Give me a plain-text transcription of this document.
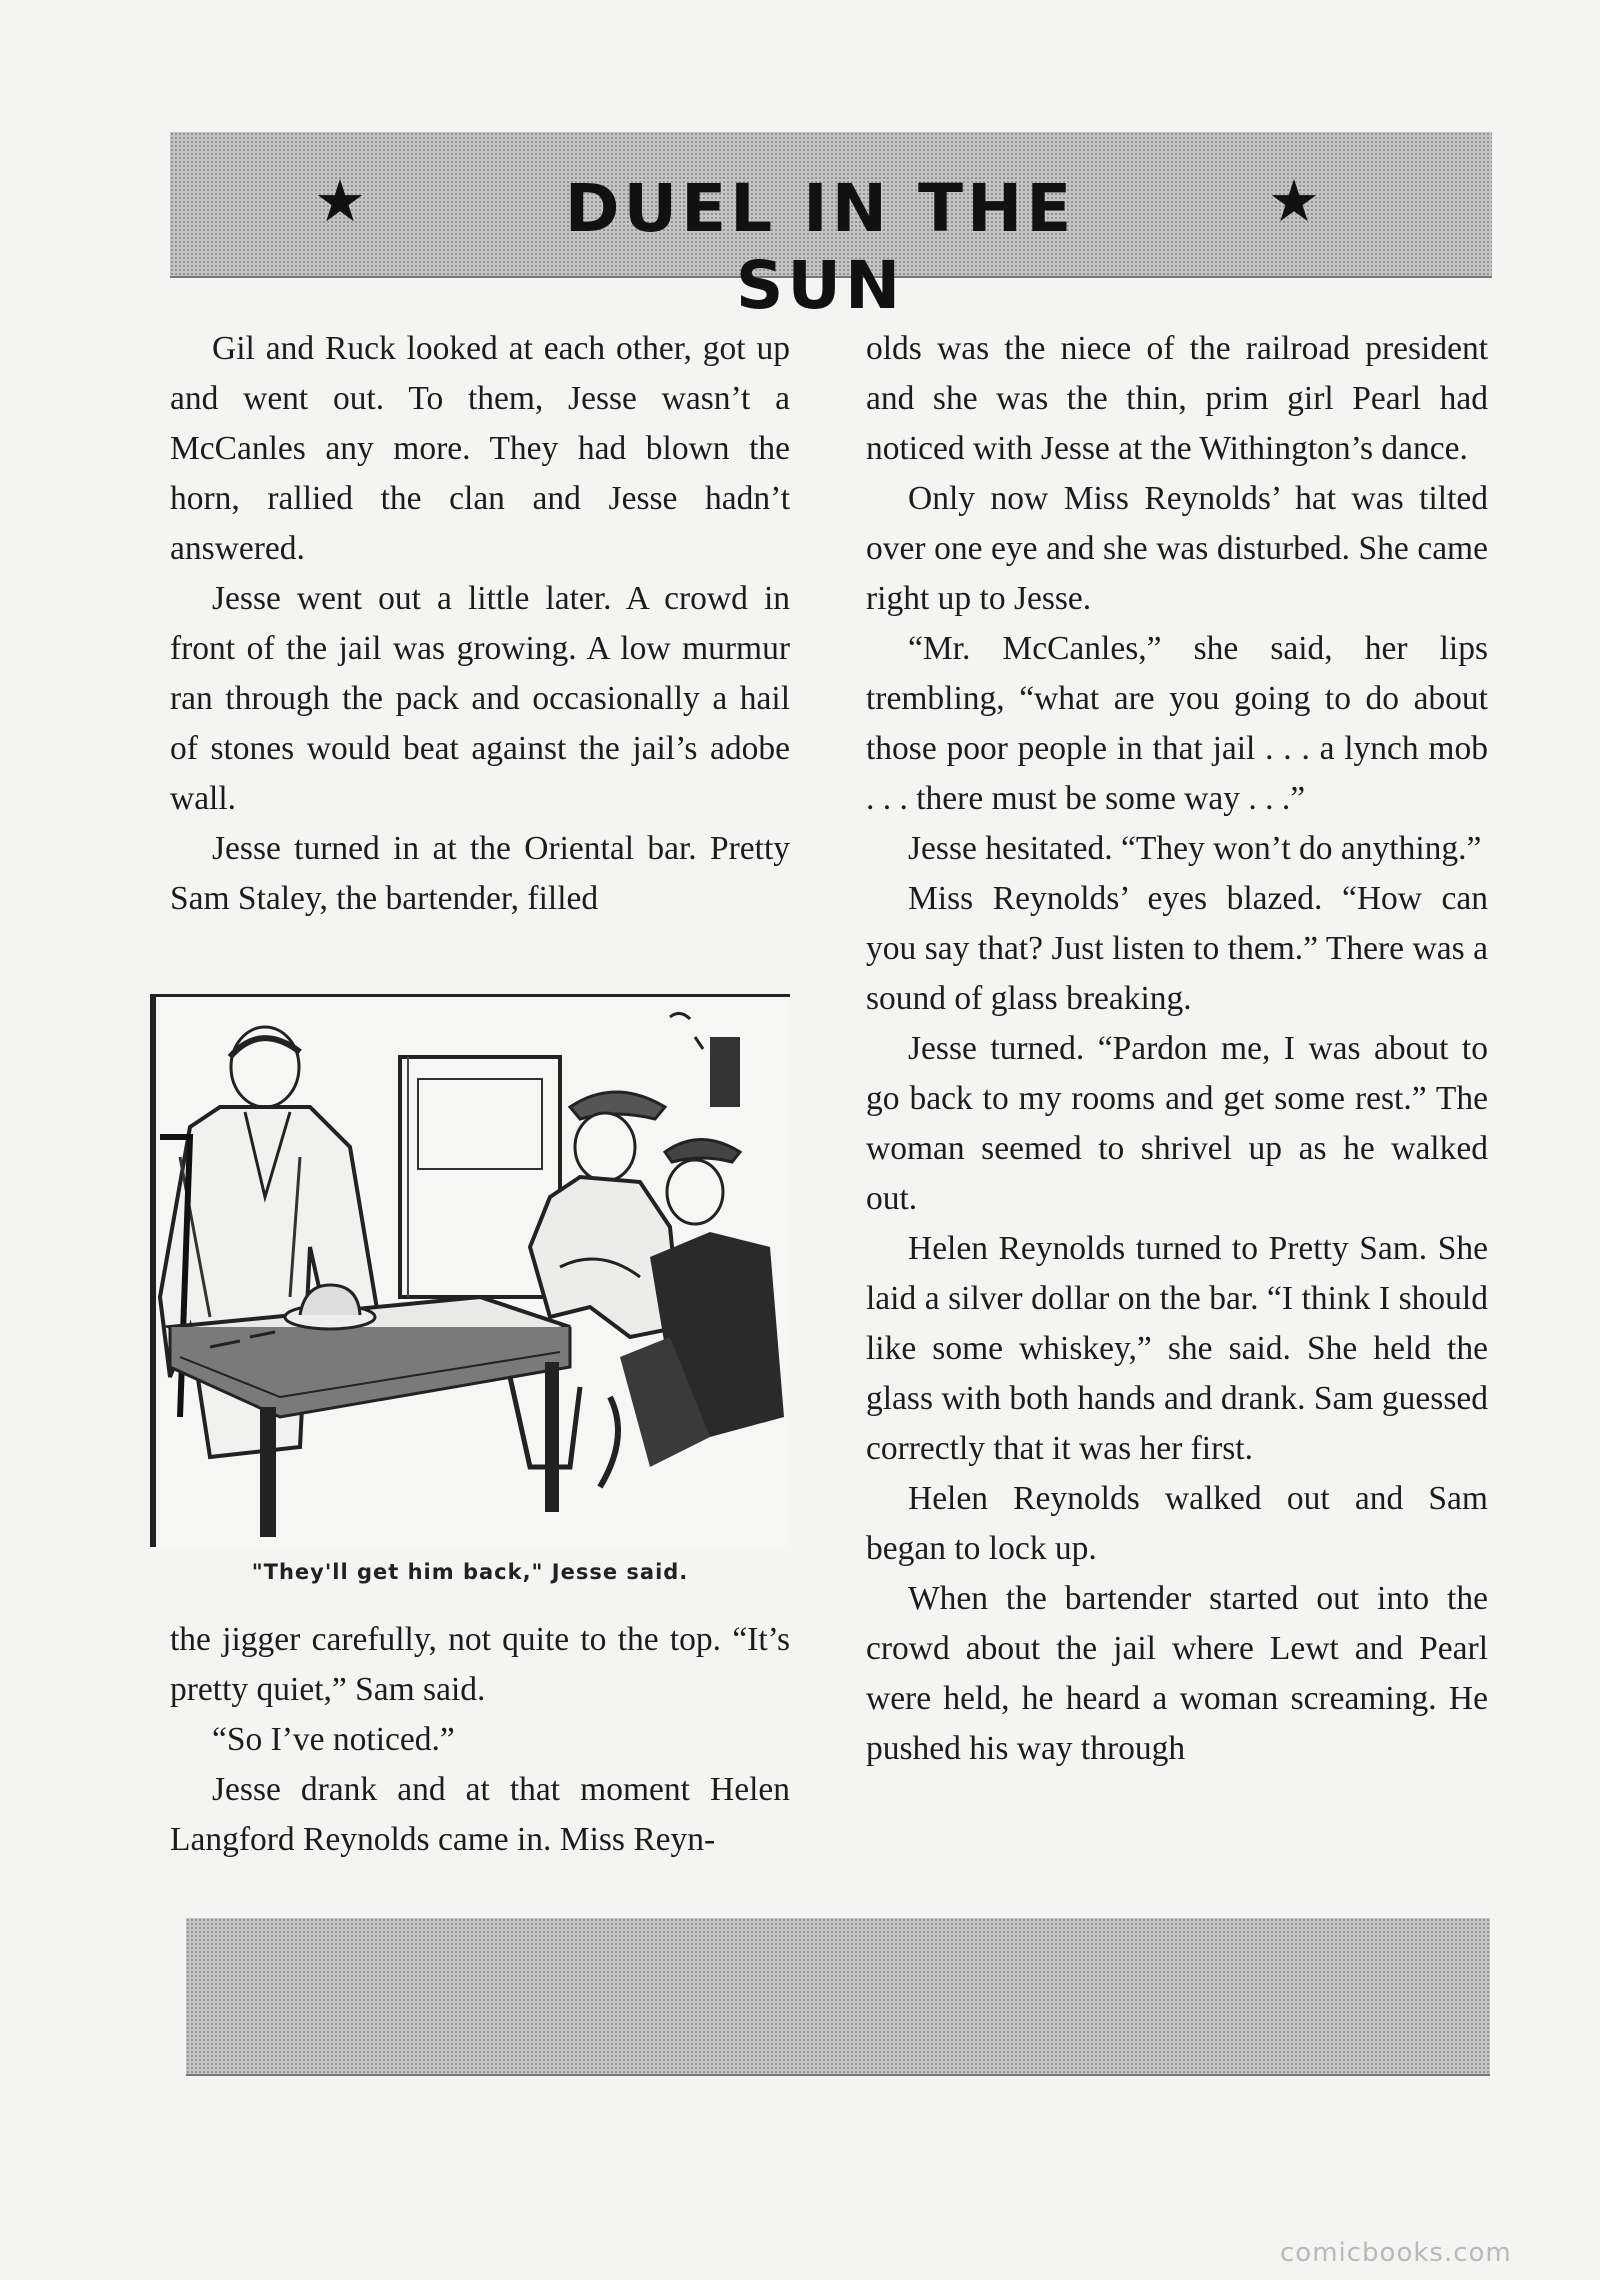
★	DUEL IN THE SUN
★

Gil and Ruck looked at each other, got up and went out. To them, Jesse wasn’t a McCanles any more. They had blown the horn, rallied the clan and Jesse hadn’t answered.

Jesse went out a little later. A crowd in front of the jail was growing. A low murmur ran through the pack and occasionally a hail of stones would beat against the jail’s adobe wall.

Jesse turned in at the Oriental bar. Pretty Sam Staley, the bartender, filled

"They'll get him back," Jesse said.

the jigger carefully, not quite to the top. “It’s pretty quiet,” Sam said.

“So I’ve noticed.”

Jesse drank and at that moment Helen Langford Reynolds came in. Miss Reyn-

olds was the niece of the railroad president and she was the thin, prim girl Pearl had noticed with Jesse at the Withington’s dance.

Only now Miss Reynolds’ hat was tilted over one eye and she was disturbed. She came right up to Jesse.

“Mr. McCanles,” she said, her lips trembling, “what are you going to do about those poor people in that jail . . . a lynch mob . . . there must be some way . . .”

Jesse hesitated. “They won’t do anything.”

Miss Reynolds’ eyes blazed. “How can you say that? Just listen to them.” There was a sound of glass breaking.

Jesse turned. “Pardon me, I was about to go back to my rooms and get some rest.” The woman seemed to shrivel up as he walked out.

Helen Reynolds turned to Pretty Sam. She laid a silver dollar on the bar. “I think I should like some whiskey,” she said. She held the glass with both hands and drank. Sam guessed correctly that it was her first.

Helen Reynolds walked out and Sam began to lock up.

When the bartender started out into the crowd about the jail where Lewt and Pearl were held, he heard a woman screaming. He pushed his way through

comicbooks.com
